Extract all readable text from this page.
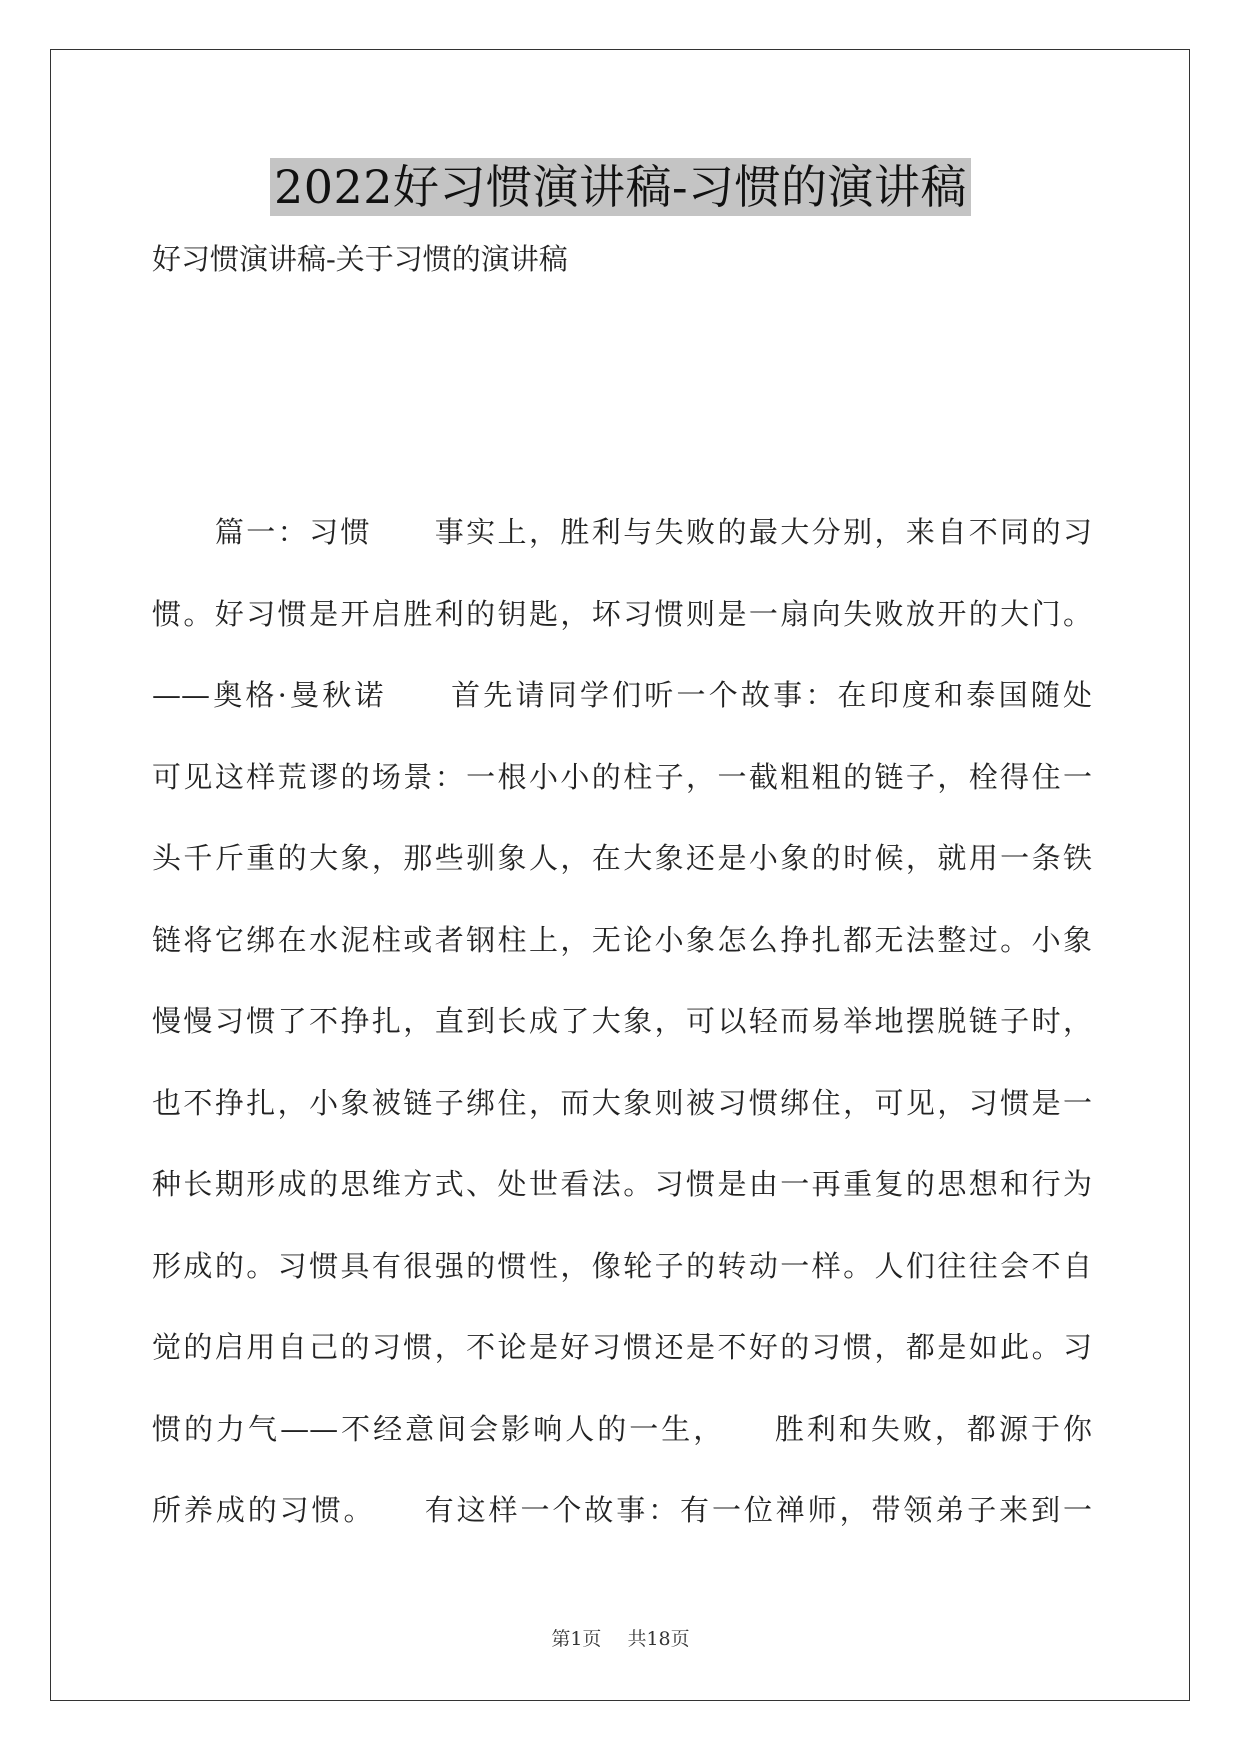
2022好习惯演讲稿-习惯的演讲稿
好习惯演讲稿-关于习惯的演讲稿
　　篇一：习惯　　事实上，胜利与失败的最大分别，来自不同的习
惯。好习惯是开启胜利的钥匙，坏习惯则是一扇向失败放开的大门。
——奥格·曼秋诺　　首先请同学们听一个故事：在印度和泰国随处
可见这样荒谬的场景：一根小小的柱子，一截粗粗的链子，栓得住一
头千斤重的大象，那些驯象人，在大象还是小象的时候，就用一条铁
链将它绑在水泥柱或者钢柱上，无论小象怎么挣扎都无法整过。小象
慢慢习惯了不挣扎，直到长成了大象，可以轻而易举地摆脱链子时，
也不挣扎，小象被链子绑住，而大象则被习惯绑住，可见，习惯是一
种长期形成的思维方式、处世看法。习惯是由一再重复的思想和行为
形成的。习惯具有很强的惯性，像轮子的转动一样。人们往往会不自
觉的启用自己的习惯，不论是好习惯还是不好的习惯，都是如此。习
惯的力气——不经意间会影响人的一生，　　胜利和失败，都源于你
所养成的习惯。　　有这样一个故事：有一位禅师，带领弟子来到一
第1页 共18页
